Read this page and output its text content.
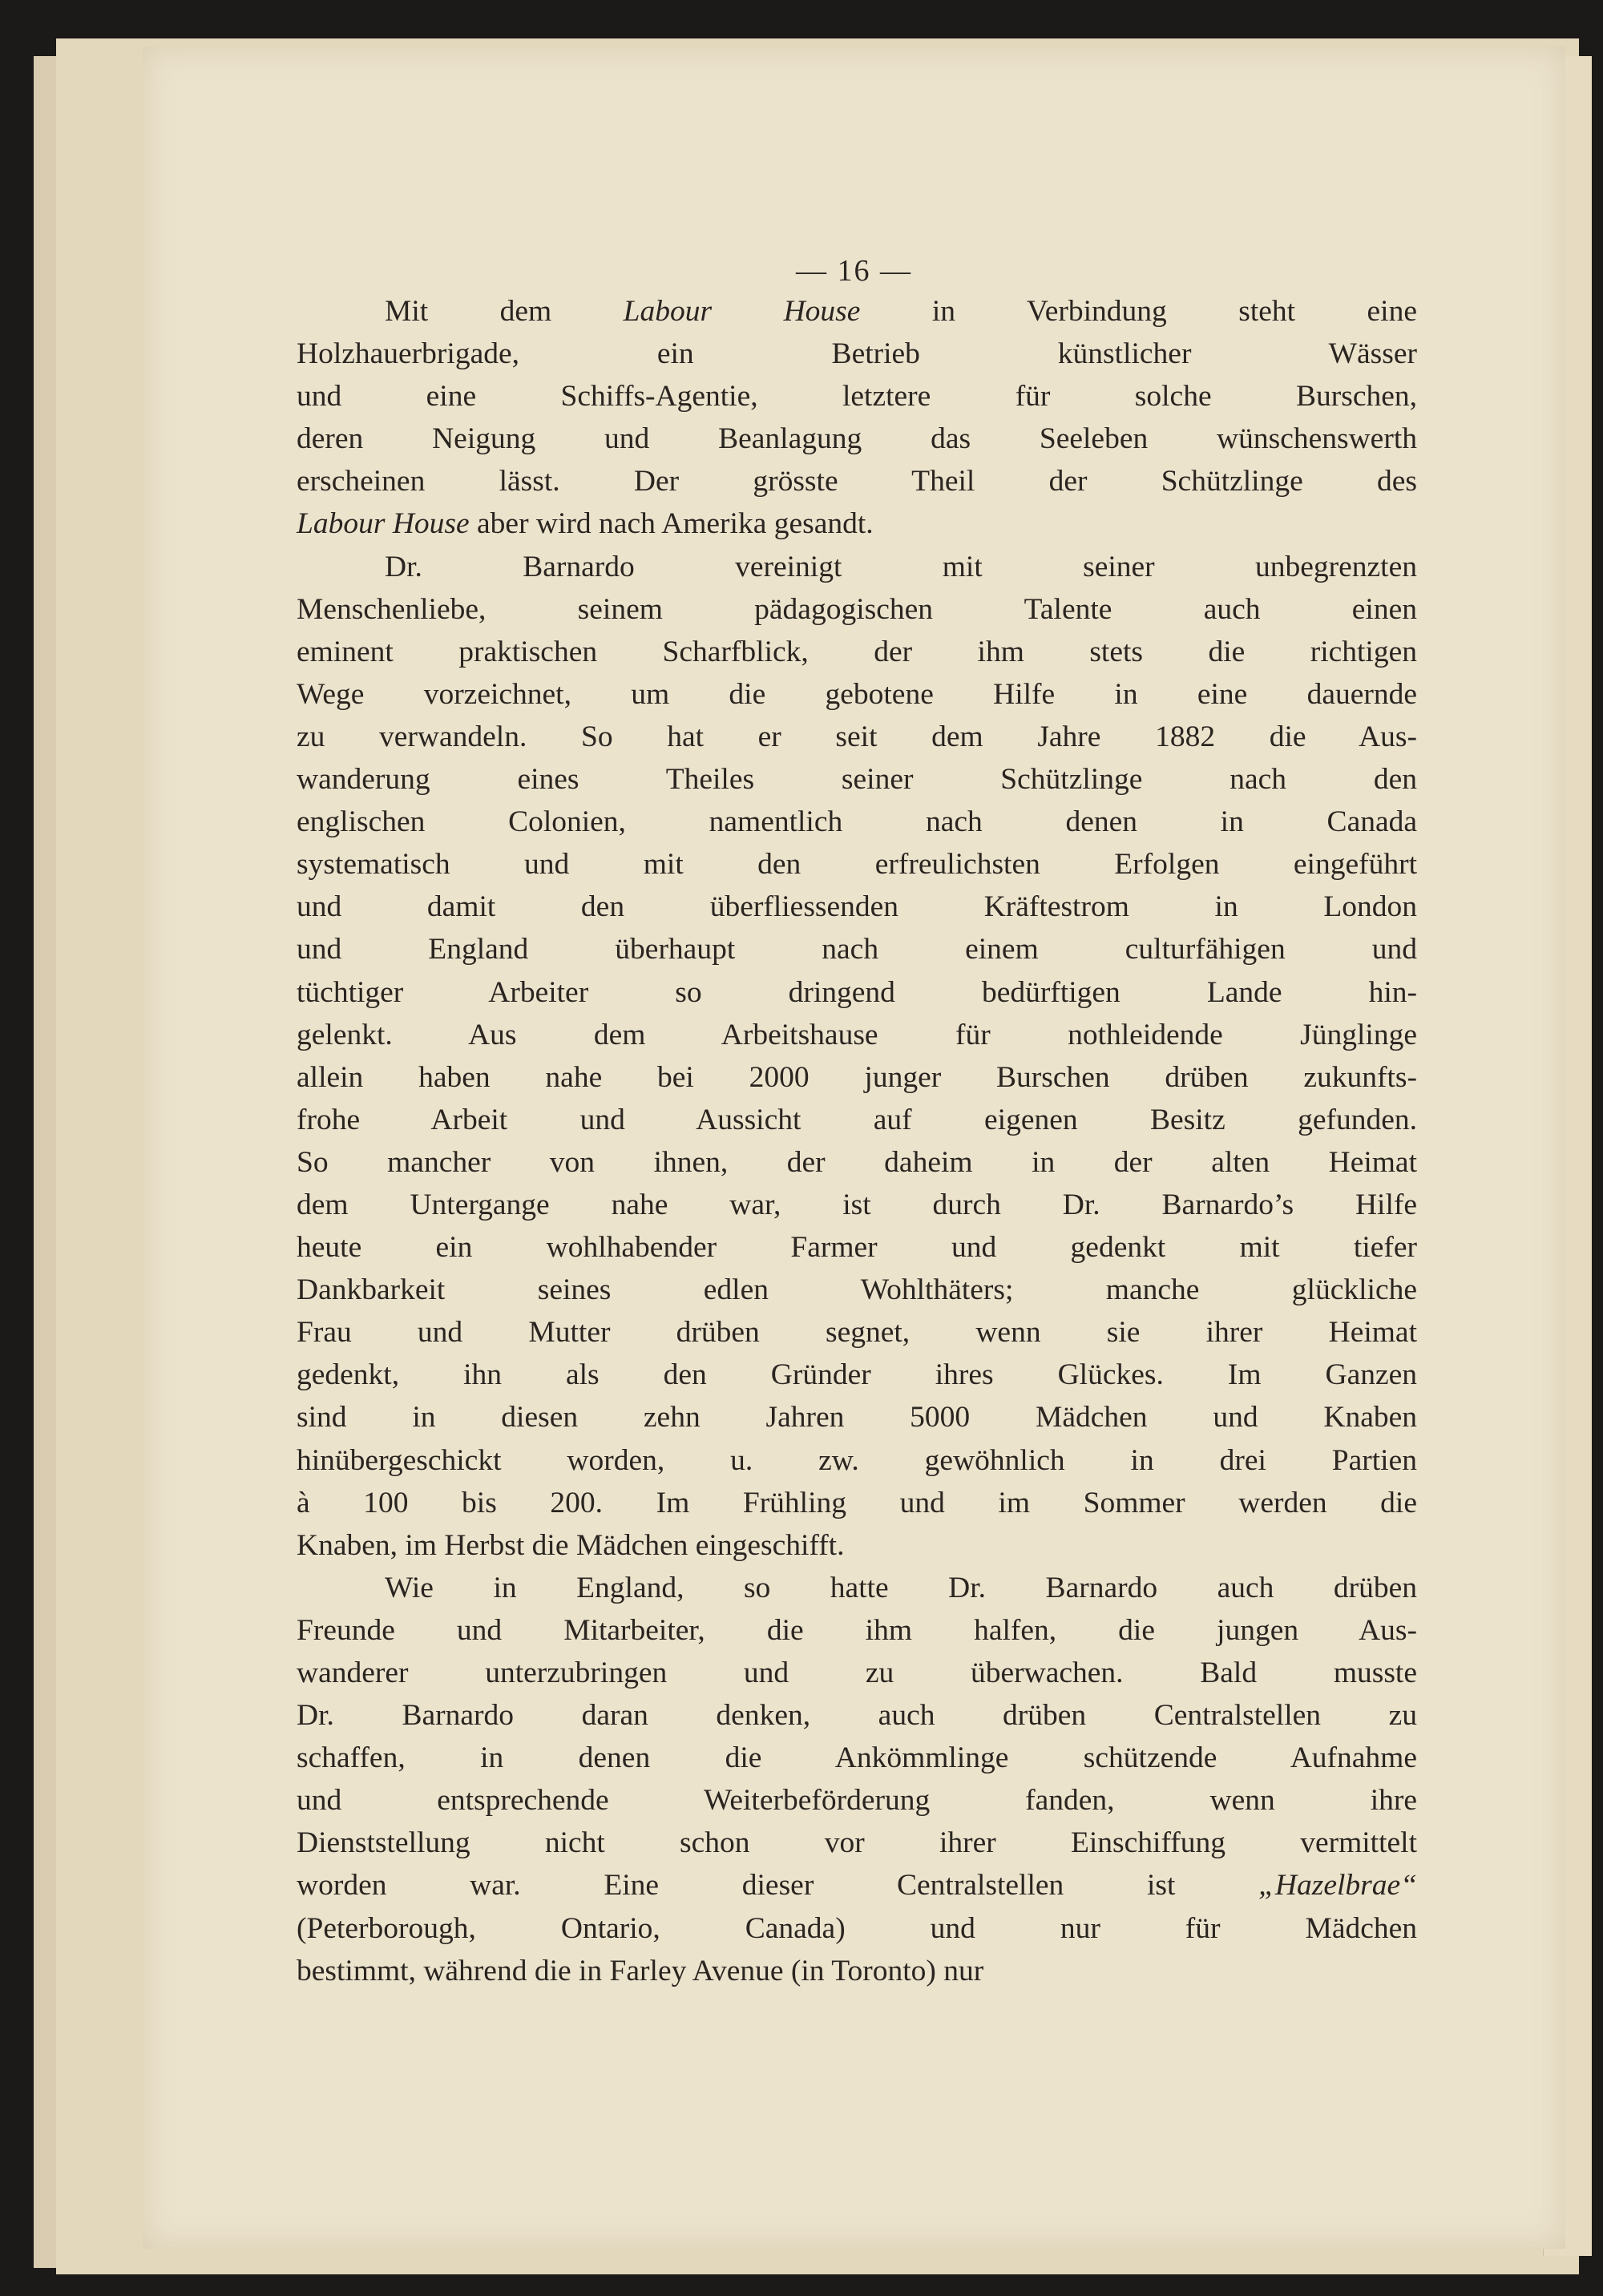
— 16 —
Mit dem Labour House in Verbindung steht eine
Holzhauerbrigade, ein Betrieb künstlicher Wässer
und eine Schiffs-Agentie, letztere für solche Burschen,
deren Neigung und Beanlagung das Seeleben wünschenswerth
erscheinen lässt. Der grösste Theil der Schützlinge des
Labour House aber wird nach Amerika gesandt.
Dr. Barnardo vereinigt mit seiner unbegrenzten
Menschenliebe, seinem pädagogischen Talente auch einen
eminent praktischen Scharfblick, der ihm stets die richtigen
Wege vorzeichnet, um die gebotene Hilfe in eine dauernde
zu verwandeln. So hat er seit dem Jahre 1882 die Aus-
wanderung eines Theiles seiner Schützlinge nach den
englischen Colonien, namentlich nach denen in Canada
systematisch und mit den erfreulichsten Erfolgen eingeführt
und damit den überfliessenden Kräftestrom in London
und England überhaupt nach einem culturfähigen und
tüchtiger Arbeiter so dringend bedürftigen Lande hin-
gelenkt. Aus dem Arbeitshause für nothleidende Jünglinge
allein haben nahe bei 2000 junger Burschen drüben zukunfts-
frohe Arbeit und Aussicht auf eigenen Besitz gefunden.
So mancher von ihnen, der daheim in der alten Heimat
dem Untergange nahe war, ist durch Dr. Barnardo’s Hilfe
heute ein wohlhabender Farmer und gedenkt mit tiefer
Dankbarkeit seines edlen Wohlthäters; manche glückliche
Frau und Mutter drüben segnet, wenn sie ihrer Heimat
gedenkt, ihn als den Gründer ihres Glückes. Im Ganzen
sind in diesen zehn Jahren 5000 Mädchen und Knaben
hinübergeschickt worden, u. zw. gewöhnlich in drei Partien
à 100 bis 200. Im Frühling und im Sommer werden die
Knaben, im Herbst die Mädchen eingeschifft.
Wie in England, so hatte Dr. Barnardo auch drüben
Freunde und Mitarbeiter, die ihm halfen, die jungen Aus-
wanderer unterzubringen und zu überwachen. Bald musste
Dr. Barnardo daran denken, auch drüben Centralstellen zu
schaffen, in denen die Ankömmlinge schützende Aufnahme
und entsprechende Weiterbeförderung fanden, wenn ihre
Dienststellung nicht schon vor ihrer Einschiffung vermittelt
worden war. Eine dieser Centralstellen ist „Hazelbrae“
(Peterborough, Ontario, Canada) und nur für Mädchen
bestimmt, während die in Farley Avenue (in Toronto) nur
